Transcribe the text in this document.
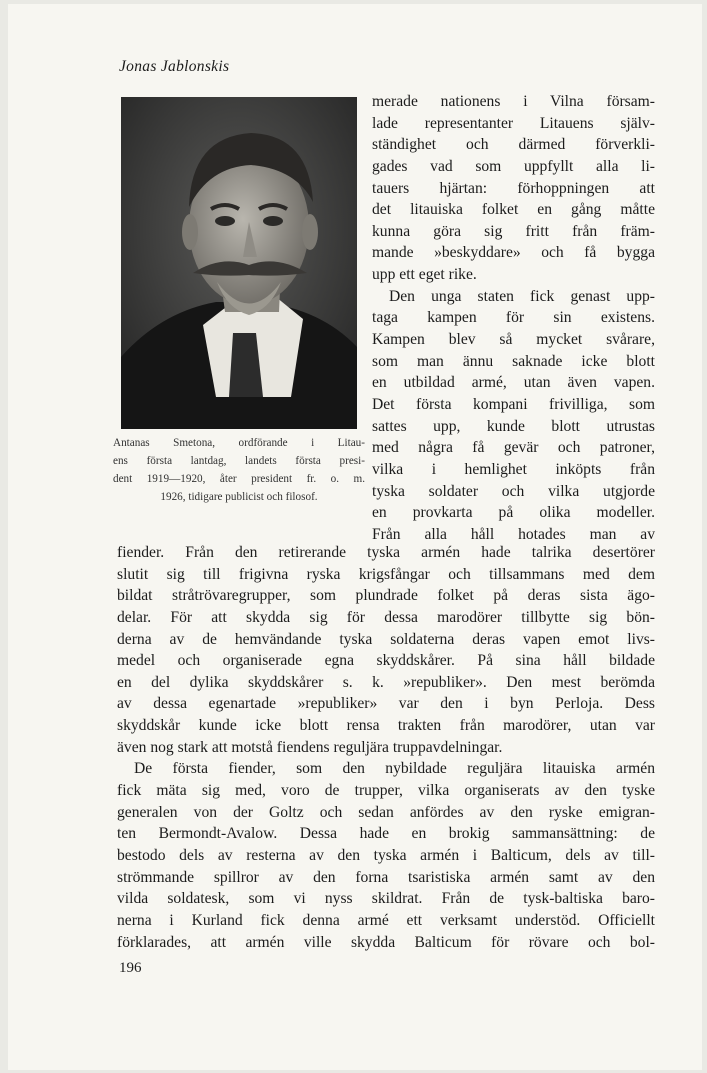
Jonas Jablonskis
Antanas Smetona, ordförande i Litau-
ens första lantdag, landets första presi-
dent 1919—1920, åter president fr. o. m.
1926, tidigare publicist och filosof.
merade nationens i Vilna försam-
lade representanter Litauens själv-
ständighet och därmed förverkli-
gades vad som uppfyllt alla li-
tauers hjärtan: förhoppningen att
det litauiska folket en gång måtte
kunna göra sig fritt från främ-
mande »beskyddare» och få bygga
upp ett eget rike.
Den unga staten fick genast upp-
taga kampen för sin existens.
Kampen blev så mycket svårare,
som man ännu saknade icke blott
en utbildad armé, utan även vapen.
Det första kompani frivilliga, som
sattes upp, kunde blott utrustas
med några få gevär och patroner,
vilka i hemlighet inköpts från
tyska soldater och vilka utgjorde
en provkarta på olika modeller.
Från alla håll hotades man av
fiender. Från den retirerande tyska armén hade talrika desertörer
slutit sig till frigivna ryska krigsfångar och tillsammans med dem
bildat stråtrövaregrupper, som plundrade folket på deras sista ägo-
delar. För att skydda sig för dessa marodörer tillbytte sig bön-
derna av de hemvändande tyska soldaterna deras vapen emot livs-
medel och organiserade egna skyddskårer. På sina håll bildade
en del dylika skyddskårer s. k. »republiker». Den mest berömda
av dessa egenartade »republiker» var den i byn Perloja. Dess
skyddskår kunde icke blott rensa trakten från marodörer, utan var
även nog stark att motstå fiendens reguljära truppavdelningar.
De första fiender, som den nybildade reguljära litauiska armén
fick mäta sig med, voro de trupper, vilka organiserats av den tyske
generalen von der Goltz och sedan anfördes av den ryske emigran-
ten Bermondt-Avalow. Dessa hade en brokig sammansättning: de
bestodo dels av resterna av den tyska armén i Balticum, dels av till-
strömmande spillror av den forna tsaristiska armén samt av den
vilda soldatesk, som vi nyss skildrat. Från de tysk-baltiska baro-
nerna i Kurland fick denna armé ett verksamt understöd. Officiellt
förklarades, att armén ville skydda Balticum för rövare och bol-
196
